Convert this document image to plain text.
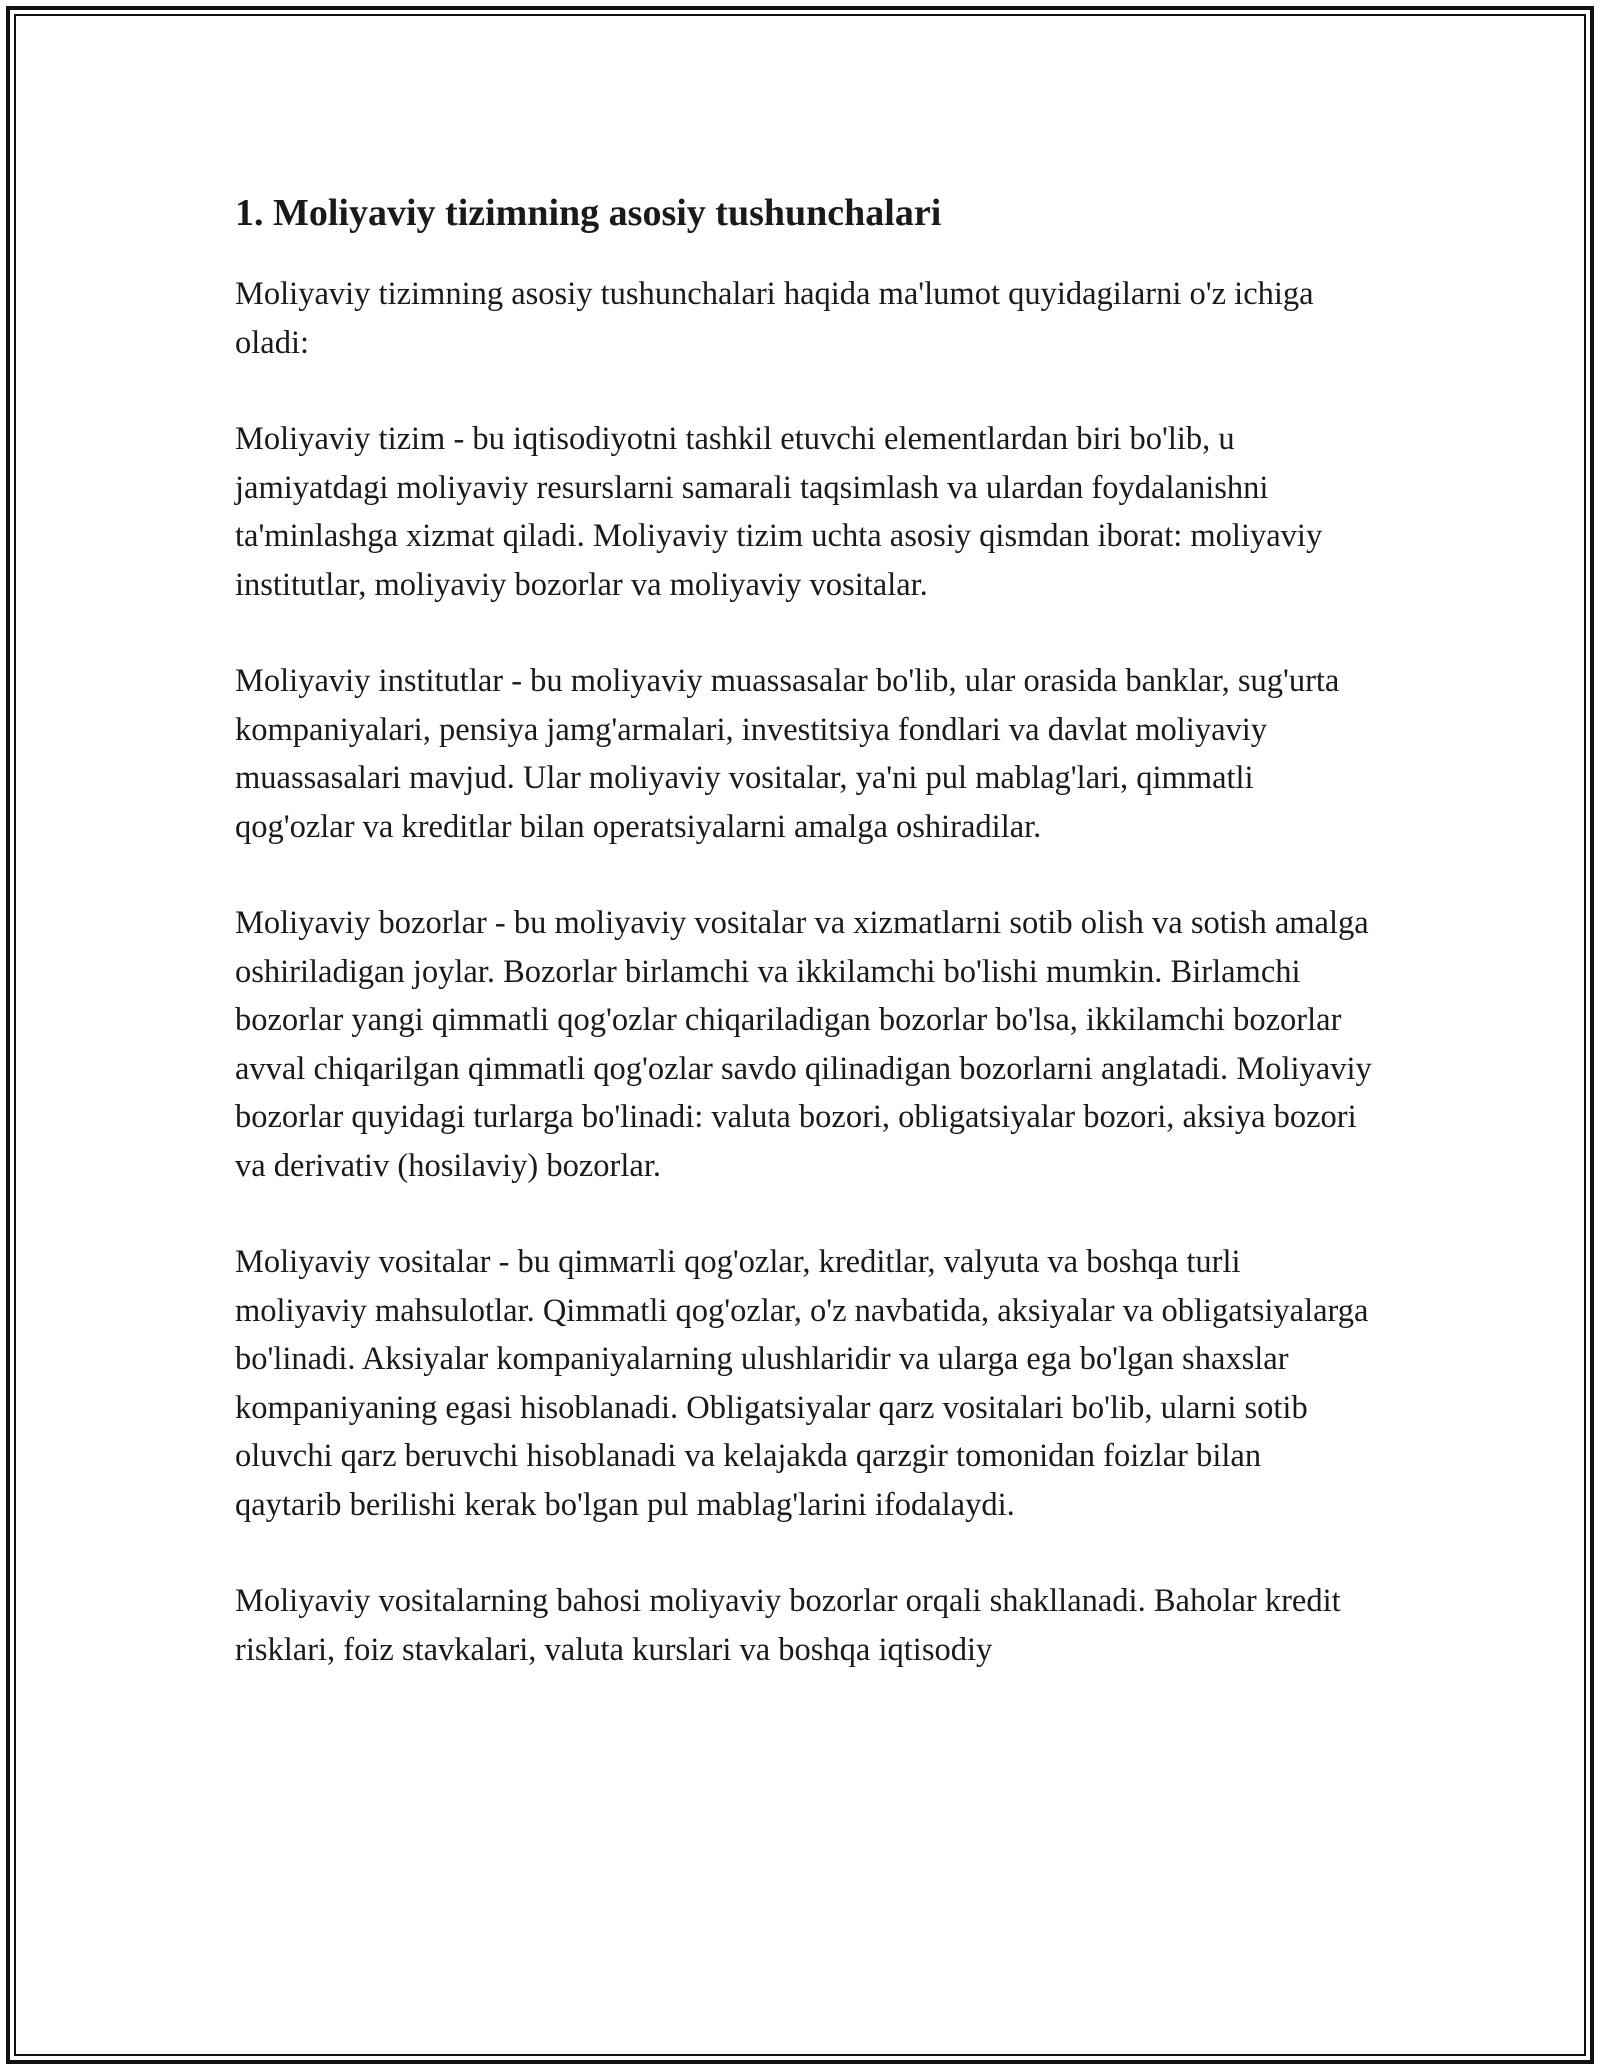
1. Moliyaviy tizimning asosiy tushunchalari

Moliyaviy tizimning asosiy tushunchalari haqida ma'lumot quyidagilarni o'z ichiga oladi:

Moliyaviy tizim - bu iqtisodiyotni tashkil etuvchi elementlardan biri bo'lib, u jamiyatdagi moliyaviy resurslarni samarali taqsimlash va ulardan foydalanishni ta'minlashga xizmat qiladi. Moliyaviy tizim uchta asosiy qismdan iborat: moliyaviy institutlar, moliyaviy bozorlar va moliyaviy vositalar.

Moliyaviy institutlar - bu moliyaviy muassasalar bo'lib, ular orasida banklar, sug'urta kompaniyalari, pensiya jamg'armalari, investitsiya fondlari va davlat moliyaviy muassasalari mavjud. Ular moliyaviy vositalar, ya'ni pul mablag'lari, qimmatli qog'ozlar va kreditlar bilan operatsiyalarni amalga oshiradilar.

Moliyaviy bozorlar - bu moliyaviy vositalar va xizmatlarni sotib olish va sotish amalga oshiriladigan joylar. Bozorlar birlamchi va ikkilamchi bo'lishi mumkin. Birlamchi bozorlar yangi qimmatli qog'ozlar chiqariladigan bozorlar bo'lsa, ikkilamchi bozorlar avval chiqarilgan qimmatli qog'ozlar savdo qilinadigan bozorlarni anglatadi. Moliyaviy bozorlar quyidagi turlarga bo'linadi: valuta bozori, obligatsiyalar bozori, aksiya bozori va derivativ (hosilaviy) bozorlar.

Moliyaviy vositalar - bu qimмaтli qog'ozlar, kreditlar, valyuta va boshqa turli moliyaviy mahsulotlar. Qimmatli qog'ozlar, o'z navbatida, aksiyalar va obligatsiyalarga bo'linadi. Aksiyalar kompaniyalarning ulushlaridir va ularga ega bo'lgan shaxslar kompaniyaning egasi hisoblanadi. Obligatsiyalar qarz vositalari bo'lib, ularni sotib oluvchi qarz beruvchi hisoblanadi va kelajakda qarzgir tomonidan foizlar bilan qaytarib berilishi kerak bo'lgan pul mablag'larini ifodalaydi.

Moliyaviy vositalarning bahosi moliyaviy bozorlar orqali shakllanadi. Baholar kredit risklari, foiz stavkalari, valuta kurslari va boshqa iqtisodiy
